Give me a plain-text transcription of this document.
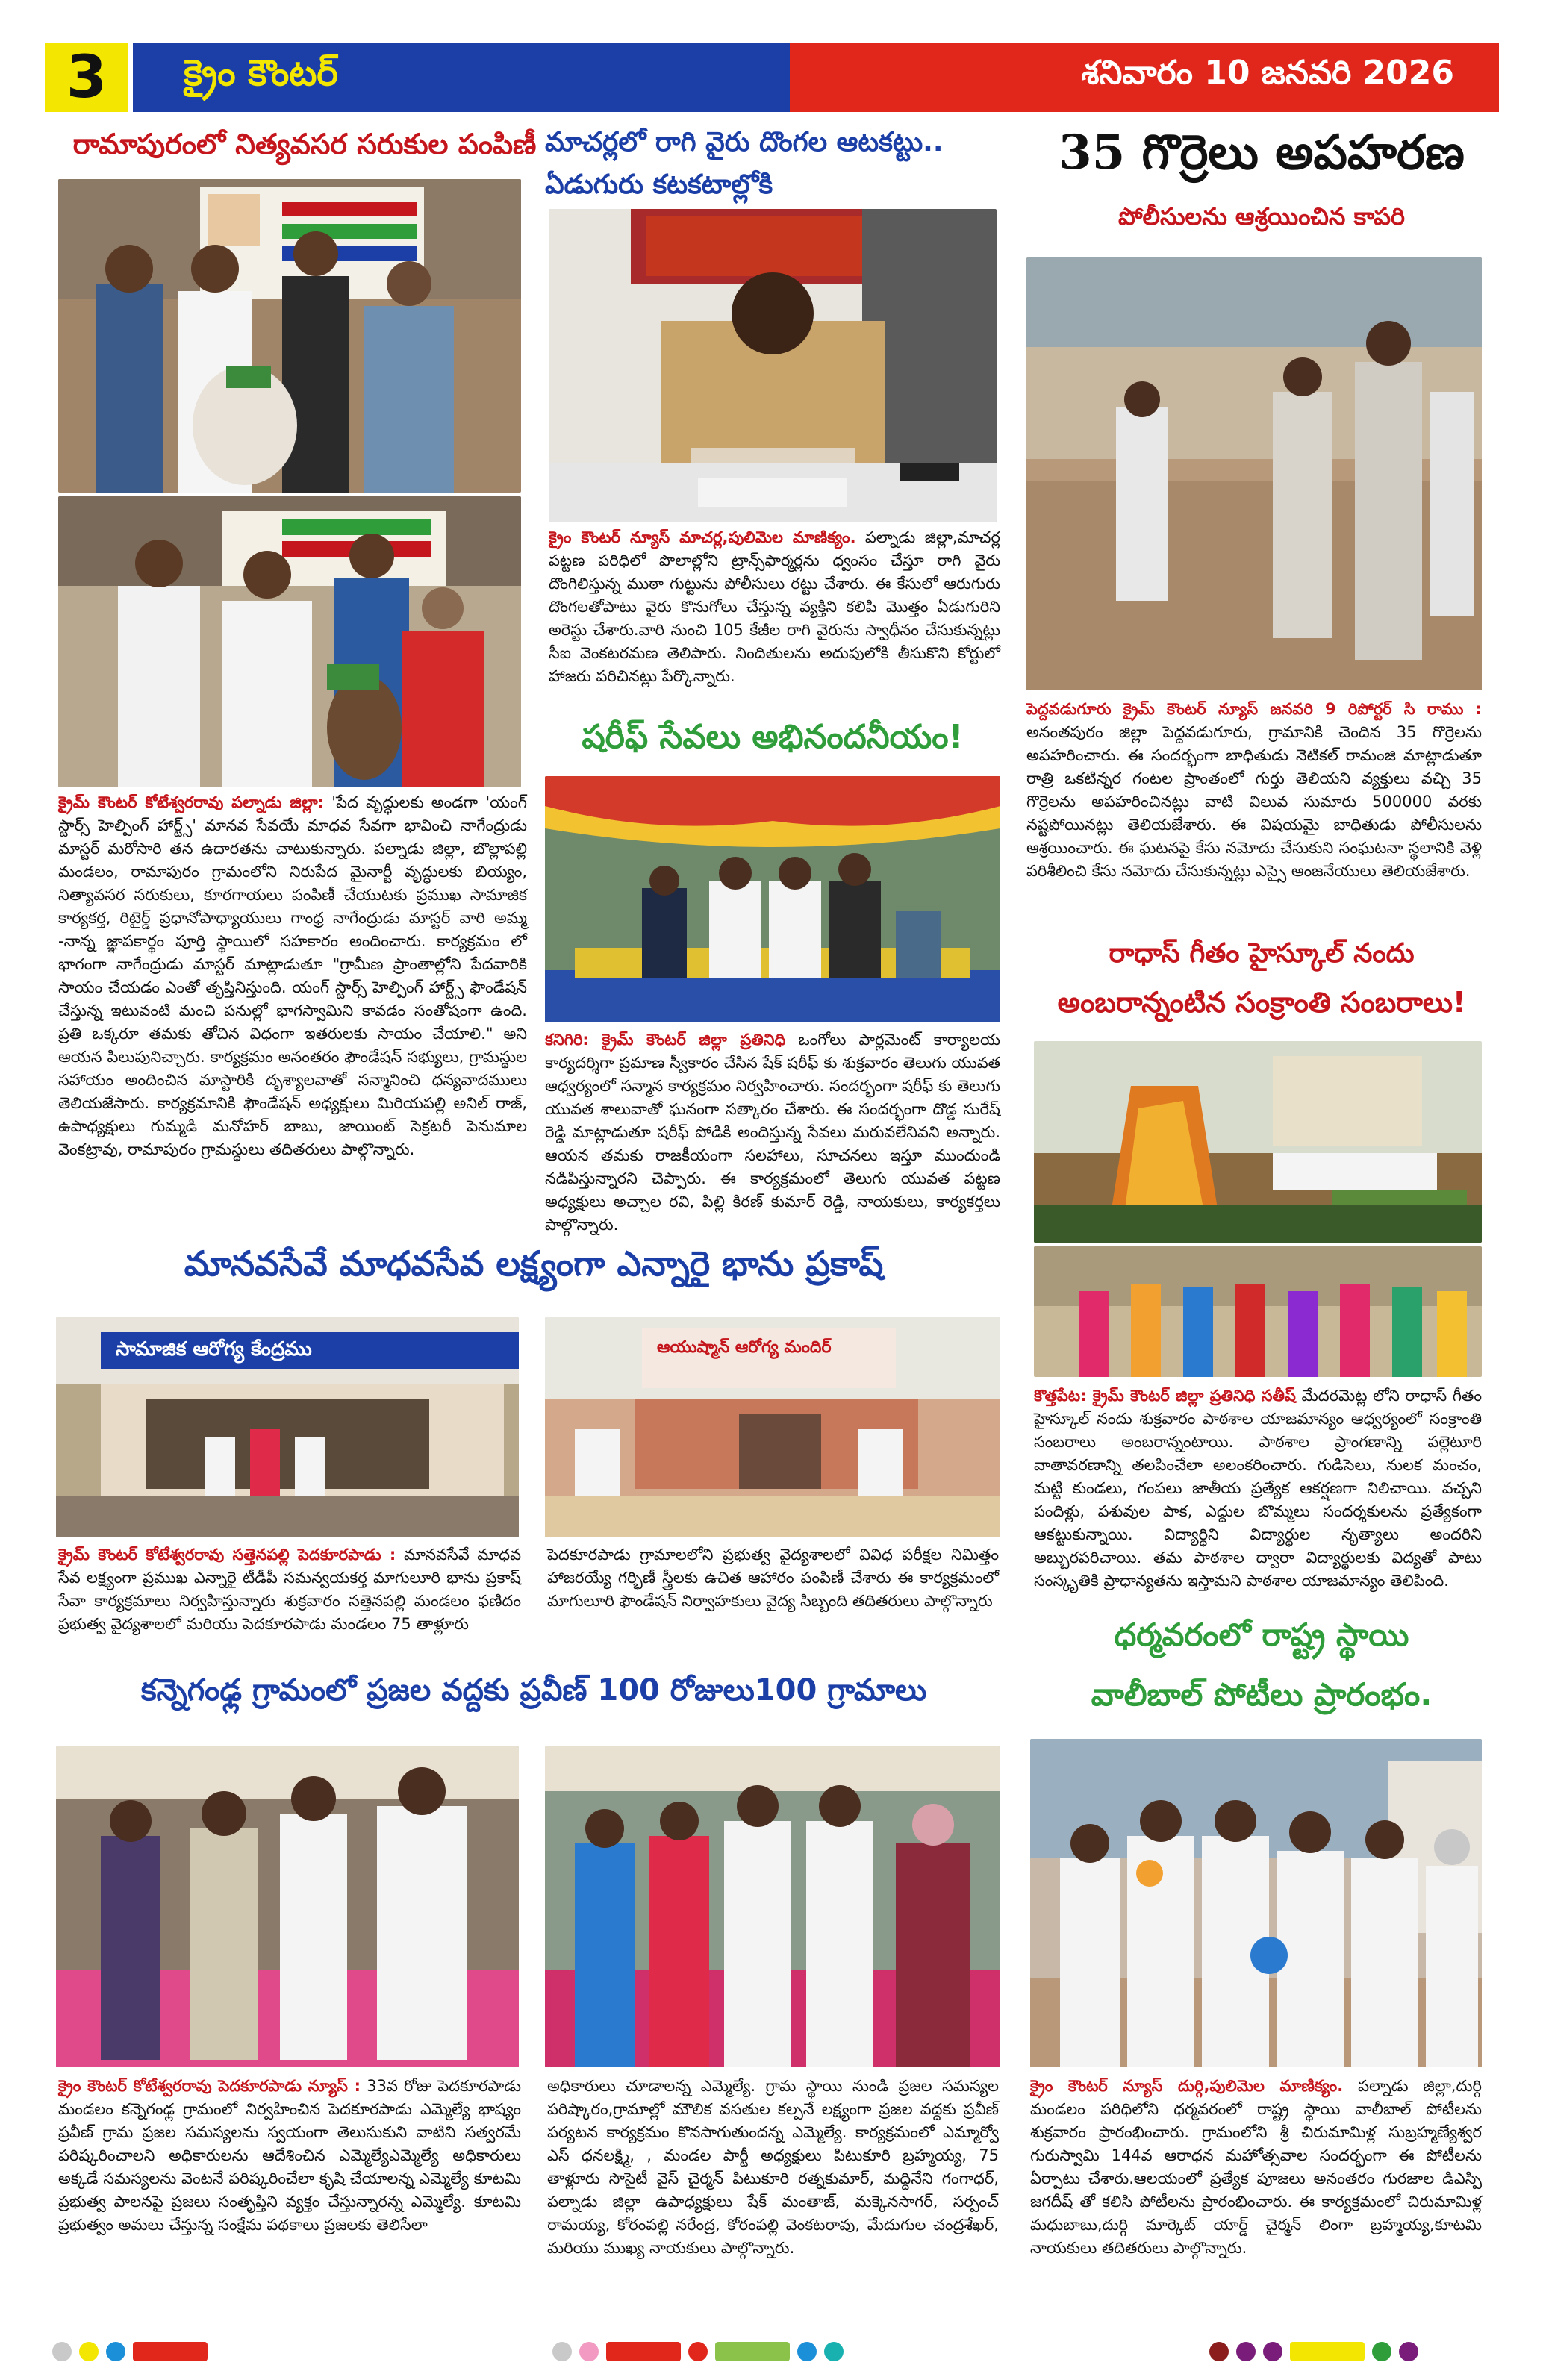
3	క్రైం కౌంటర్	శనివారం 10 జనవరి 2026
రామాపురంలో నిత్యవసర సరుకుల పంపిణీ
క్రైమ్ కౌంటర్ కోటేశ్వరరావు పల్నాడు జిల్లా: 'పేద వృద్ధులకు అండగా 'యంగ్ స్టార్స్ హెల్పింగ్ హార్ట్స్' మానవ సేవయే మాధవ సేవగా భావించి నాగేంద్రుడు మాస్టర్ మరోసారి తన ఉదారతను చాటుకున్నారు. పల్నాడు జిల్లా, బొల్లాపల్లి మండలం, రామాపురం గ్రామంలోని నిరుపేద మైనార్టీ వృద్ధులకు బియ్యం, నిత్యావసర సరుకులు, కూరగాయలు పంపిణీ చేయుటకు ప్రముఖ సామాజిక కార్యకర్త, రిటైర్డ్ ప్రధానోపాధ్యాయులు గాంధ్ర నాగేంద్రుడు మాస్టర్ వారి అమ్మ -నాన్న జ్ఞాపకార్థం పూర్తి స్థాయిలో సహకారం అందించారు. కార్యక్రమం లో భాగంగా నాగేంద్రుడు మాస్టర్ మాట్లాడుతూ "గ్రామీణ ప్రాంతాల్లోని పేదవారికి సాయం చేయడం ఎంతో తృప్తినిస్తుంది. యంగ్ స్టార్స్ హెల్పింగ్ హార్ట్స్ ఫౌండేషన్ చేస్తున్న ఇటువంటి మంచి పనుల్లో భాగస్వామిని కావడం సంతోషంగా ఉంది. ప్రతి ఒక్కరూ తమకు తోచిన విధంగా ఇతరులకు సాయం చేయాలి." అని ఆయన పిలుపునిచ్చారు. కార్యక్రమం అనంతరం ఫౌండేషన్ సభ్యులు, గ్రామస్థుల సహాయం అందించిన మాస్టారికి దృశ్యాలవాతో సన్మానించి ధన్యవాదములు తెలియజేసారు. కార్యక్రమానికి ఫౌండేషన్ అధ్యక్షులు మిరియపల్లి అనిల్ రాజ్, ఉపాధ్యక్షులు గుమ్మడి మనోహర్ బాబు, జాయింట్ సెక్రటరీ పెనుమాల వెంకట్రావు, రామాపురం గ్రామస్థులు తదితరులు పాల్గొన్నారు.
మాచర్లలో రాగి వైరు దొంగల ఆటకట్టు..
ఏడుగురు కటకటాల్లోకి
క్రైం కౌంటర్ న్యూస్ మాచర్ల,పులిమెల మాణిక్యం. పల్నాడు జిల్లా,మాచర్ల పట్టణ పరిధిలో పొలాల్లోని ట్రాన్స్‌ఫార్మర్లను ధ్వంసం చేస్తూ రాగి వైరు దొంగిలిస్తున్న ముఠా గుట్టును పోలీసులు రట్టు చేశారు. ఈ కేసులో ఆరుగురు దొంగలతోపాటు వైరు కొనుగోలు చేస్తున్న వ్యక్తిని కలిపి మొత్తం ఏడుగురిని అరెస్టు చేశారు.వారి నుంచి 105 కేజీల రాగి వైరును స్వాధీనం చేసుకున్నట్లు సీఐ వెంకటరమణ తెలిపారు. నిందితులను అదుపులోకి తీసుకొని కోర్టులో హాజరు పరిచినట్లు పేర్కొన్నారు.
షరీఫ్ సేవలు అభినందనీయం!
కనిగిరి: క్రైమ్ కౌంటర్ జిల్లా ప్రతినిధి ఒంగోలు పార్లమెంట్ కార్యాలయ కార్యదర్శిగా ప్రమాణ స్వీకారం చేసిన షేక్ షరీఫ్ కు శుక్రవారం తెలుగు యువత ఆధ్వర్యంలో సన్మాన కార్యక్రమం నిర్వహించారు. సందర్భంగా షరీఫ్ కు తెలుగు యువత శాలువాతో ఘనంగా సత్కారం చేశారు. ఈ సందర్భంగా దొడ్డ సురేష్ రెడ్డి మాట్లాడుతూ షరీఫ్ పోడికి అందిస్తున్న సేవలు మరువలేనివని అన్నారు. ఆయన తమకు రాజకీయంగా సలహాలు, సూచనలు ఇస్తూ ముందుండి నడిపిస్తున్నారని చెప్పారు. ఈ కార్యక్రమంలో తెలుగు యువత పట్టణ అధ్యక్షులు అచ్చాల రవి, పిల్లి కిరణ్ కుమార్ రెడ్డి, నాయకులు, కార్యకర్తలు పాల్గొన్నారు.
35 గొర్రెలు అపహరణ
పోలీసులను ఆశ్రయించిన కాపరి
పెద్దవడుగూరు క్రైమ్ కౌంటర్ న్యూస్ జనవరి 9 రిపోర్టర్ సి రాము : అనంతపురం జిల్లా పెద్దవడుగూరు, గ్రామానికి చెందిన 35 గొర్రెలను అపహరించారు. ఈ సందర్భంగా బాధితుడు నెటికల్ రామంజి మాట్లాడుతూ రాత్రి ఒకటిన్నర గంటల ప్రాంతంలో గుర్తు తెలియని వ్యక్తులు వచ్చి 35 గొర్రెలను అపహరించినట్లు వాటి విలువ సుమారు 500000 వరకు నష్టపోయినట్లు తెలియజేశారు. ఈ విషయమై బాధితుడు పోలీసులను ఆశ్రయించారు. ఈ ఘటనపై కేసు నమోదు చేసుకుని సంఘటనా స్థలానికి వెళ్లి పరిశీలించి కేసు నమోదు చేసుకున్నట్లు ఎస్సై ఆంజనేయులు తెలియజేశారు.
రాధాస్ గీతం హైస్కూల్ నందు
అంబరాన్నంటిన సంక్రాంతి సంబరాలు!
కొత్తపేట: క్రైమ్ కౌంటర్ జిల్లా ప్రతినిధి సతీష్ మేదరమెట్ల లోని రాధాస్ గీతం హైస్కూల్ నందు శుక్రవారం పాఠశాల యాజమాన్యం ఆధ్వర్యంలో సంక్రాంతి సంబరాలు అంబరాన్నంటాయి. పాఠశాల ప్రాంగణాన్ని పల్లెటూరి వాతావరణాన్ని తలపించేలా అలంకరించారు. గుడిసెలు, నులక మంచం, మట్టి కుండలు, గంపలు జాతీయ ప్రత్యేక ఆకర్షణగా నిలిచాయి. వచ్చని పందిళ్లు, పశువుల పాక, ఎద్దుల బొమ్మలు సందర్శకులను ప్రత్యేకంగా ఆకట్టుకున్నాయి. విద్యార్థిని విద్యార్థుల నృత్యాలు అందరిని అబ్బురపరిచాయి. తమ పాఠశాల ద్వారా విద్యార్థులకు విద్యతో పాటు సంస్కృతికి ప్రాధాన్యతను ఇస్తామని పాఠశాల యాజమాన్యం తెలిపింది.
మానవసేవే మాధవసేవ లక్ష్యంగా ఎన్నారై భాను ప్రకాష్
సామాజిక ఆరోగ్య కేంద్రము	ఆయుష్మాన్ ఆరోగ్య మందిర్
క్రైమ్ కౌంటర్ కోటేశ్వరరావు సత్తెనపల్లి పెదకూరపాడు : మానవసేవే మాధవ సేవ లక్ష్యంగా ప్రముఖ ఎన్నారై టీడీపీ సమన్వయకర్త మాగులూరి భాను ప్రకాష్ సేవా కార్యక్రమాలు నిర్వహిస్తున్నారు శుక్రవారం సత్తెనపల్లి మండలం ఫణిదం ప్రభుత్వ వైద్యశాలలో మరియు పెదకూరపాడు మండలం 75 తాళ్లూరు
పెదకూరపాడు గ్రామాలలోని ప్రభుత్వ వైద్యశాలలో వివిధ పరీక్షల నిమిత్తం హాజరయ్యే గర్భిణీ స్త్రీలకు ఉచిత ఆహారం పంపిణీ చేశారు ఈ కార్యక్రమంలో మాగులూరి ఫౌండేషన్ నిర్వాహకులు వైద్య సిబ్బంది తదితరులు పాల్గొన్నారు
ధర్మవరంలో రాష్ట్ర స్థాయి
వాలీబాల్ పోటీలు ప్రారంభం.
క్రైం కౌంటర్ న్యూస్ దుర్గి,పులిమెల మాణిక్యం. పల్నాడు జిల్లా,దుర్గి మండలం పరిధిలోని ధర్మవరంలో రాష్ట్ర స్థాయి వాలీబాల్ పోటీలను శుక్రవారం ప్రారంభించారు. గ్రామంలోని శ్రీ చిరుమామిళ్ల సుబ్రహ్మణ్యేశ్వర గురుస్వామి 144వ ఆరాధన మహోత్సవాల సందర్భంగా ఈ పోటీలను ఏర్పాటు చేశారు.ఆలయంలో ప్రత్యేక పూజలు అనంతరం గురజాల డిఎస్పి జగదీష్ తో కలిసి పోటీలను ప్రారంభించారు. ఈ కార్యక్రమంలో చిరుమామిళ్ల మధుబాబు,దుర్గి మార్కెట్ యార్డ్ చైర్మన్ లింగా బ్రహ్మయ్య,కూటమి నాయకులు తదితరులు పాల్గొన్నారు.
కన్నెగంఢ్ల గ్రామంలో ప్రజల వద్దకు ప్రవీణ్ 100 రోజులు100 గ్రామాలు
క్రైం కౌంటర్ కోటేశ్వరరావు పెదకూరపాడు న్యూస్ : 33వ రోజు పెదకూరపాడు మండలం కన్నెగంఢ్ల గ్రామంలో నిర్వహించిన పెదకూరపాడు ఎమ్మెల్యే భాష్యం ప్రవీణ్ గ్రామ ప్రజల సమస్యలను స్వయంగా తెలుసుకుని వాటిని సత్వరమే పరిష్కరించాలని అధికారులను ఆదేశించిన ఎమ్మెల్యేఎమ్మెల్యే అధికారులు అక్కడే సమస్యలను వెంటనే పరిష్కరించేలా కృషి చేయాలన్న ఎమ్మెల్యే కూటమి ప్రభుత్వ పాలనపై ప్రజలు సంతృప్తిని వ్యక్తం చేస్తున్నారన్న ఎమ్మెల్యే. కూటమి ప్రభుత్వం అమలు చేస్తున్న సంక్షేమ పథకాలు ప్రజలకు తెలిసేలా
అధికారులు చూడాలన్న ఎమ్మెల్యే. గ్రామ స్థాయి నుండి ప్రజల సమస్యల పరిష్కారం,గ్రామాల్లో మౌలిక వసతుల కల్పనే లక్ష్యంగా ప్రజల వద్దకు ప్రవీణ్ పర్యటన కార్యక్రమం కొనసాగుతుందన్న ఎమ్మెల్యే. కార్యక్రమంలో ఎమ్మార్వో ఎస్ ధనలక్ష్మి, , మండల పార్టీ అధ్యక్షులు పిటుకూరి బ్రహ్మయ్య, 75 తాళ్లూరు సొసైటీ వైస్ చైర్మన్ పిటుకూరి రత్నకుమార్, మద్దినేని గంగాధర్, పల్నాడు జిల్లా ఉపాధ్యక్షులు షేక్ మంతాజ్, మక్కెనసాగర్, సర్పంచ్ రామయ్య, కోరంపల్లి నరేంద్ర, కోరంపల్లి వెంకటరావు, మేదుగుల చంద్రశేఖర్, మరియు ముఖ్య నాయకులు పాల్గొన్నారు.
